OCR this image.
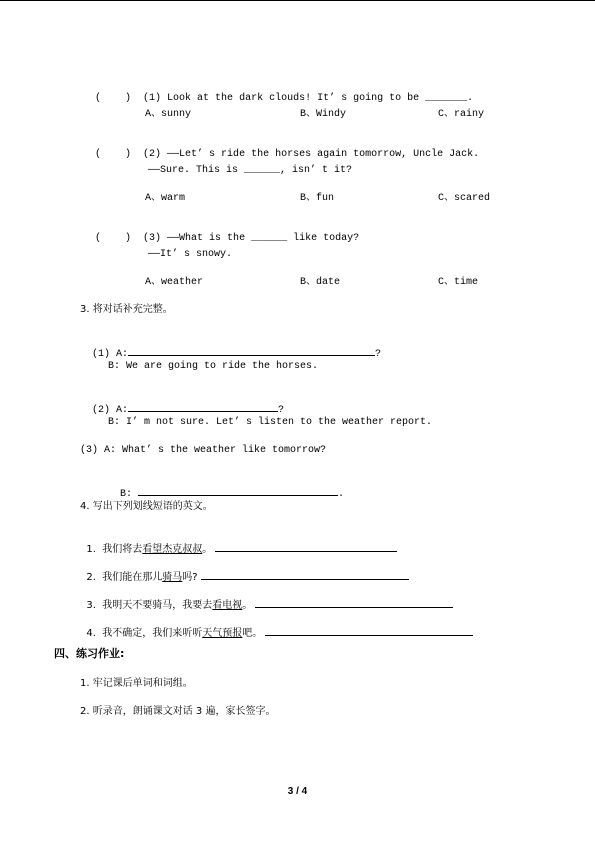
(    ) (1) Look at the dark clouds! It’ s going to be _______.

A、sunny	B、Windy	C、rainy

(    ) (2) ——Let’ s ride the horses again tomorrow, Uncle Jack.

——Sure. This is ______, isn’ t it?
A、warm	B、fun	C、scared

(    ) (3) ——What is the ______ like today?

——It’ s snowy.
A、weather	B、date	C、time
3. 将对话补充完整。

(1) A:	?

B: We are going to ride the horses.

(2) A:	?

B: I’ m not sure. Let’ s listen to the weather report.
(3) A: What’ s the weather like tomorrow?

B:	.

4. 写出下列划线短语的英文。

1. 我们将去看望杰克叔叔。

2. 我们能在那儿骑马吗?

3. 我明天不要骑马，我要去看电视。

4. 我不确定，我们来听听天气预报吧。

四、练习作业:
1. 牢记课后单词和词组。
2. 听录音，朗诵课文对话 3 遍，家长签字。
3 / 4
